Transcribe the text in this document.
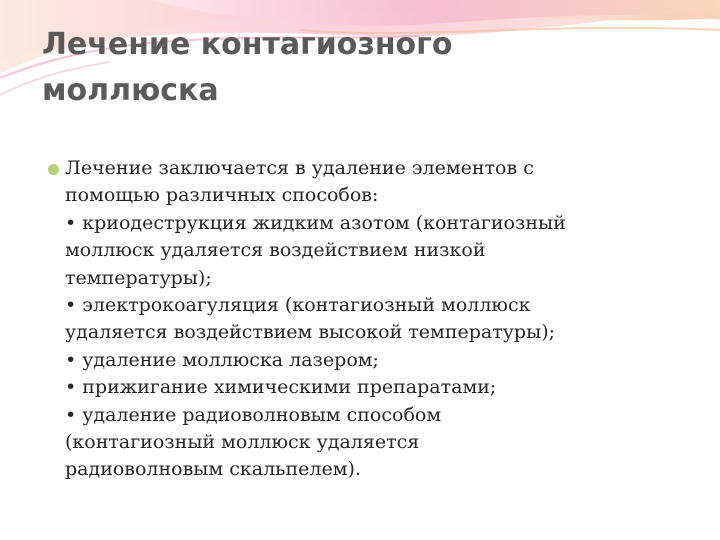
Лечение контагиозного
моллюска
Лечение заключается в удаление элементов с
помощью различных способов:
• криодеструкция жидким азотом (контагиозный
моллюск удаляется воздействием низкой
температуры);
• электрокоагуляция (контагиозный моллюск
удаляется воздействием высокой температуры);
• удаление моллюска лазером;
• прижигание химическими препаратами;
• удаление радиоволновым способом
(контагиозный моллюск удаляется
радиоволновым скальпелем).
